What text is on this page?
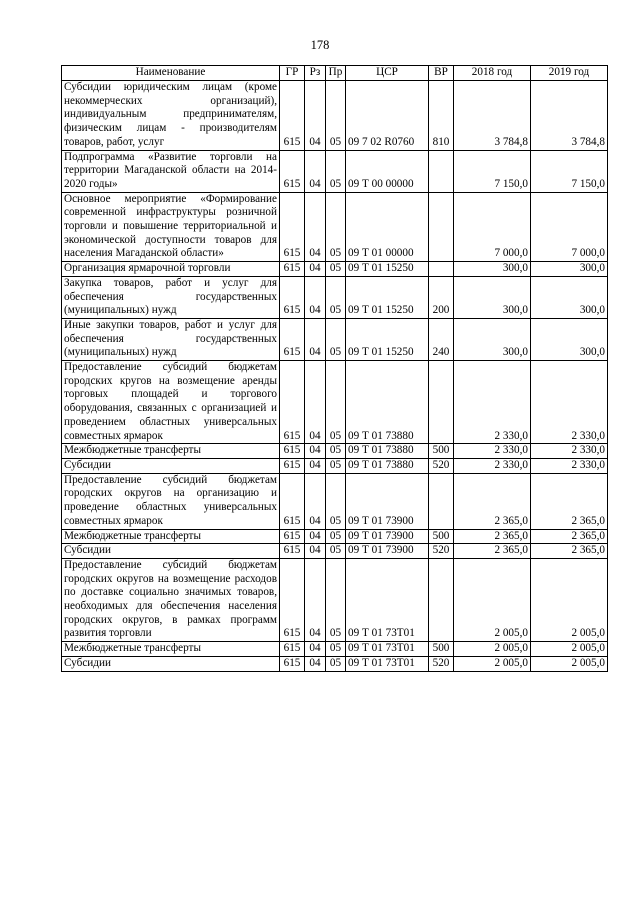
178
Наименование	ГР	Рз	Пр	ЦСР	ВР	2018 год	2019 год
Субсидии юридическим лицам (кроме некоммерческих организаций), индивидуальным предпринимателям, физическим лицам - производителям товаров, работ, услуг	615	04	05	09 7 02 R0760	810	3 784,8	3 784,8
Подпрограмма «Развитие торговли на территории Магаданской области на 2014-2020 годы»	615	04	05	09 Т 00 00000		7 150,0	7 150,0
Основное мероприятие «Формирование современной инфраструктуры розничной торговли и повышение территориальной и экономической доступности товаров для населения Магаданской области»	615	04	05	09 Т 01 00000		7 000,0	7 000,0
Организация ярмарочной торговли	615	04	05	09 Т 01 15250		300,0	300,0
Закупка товаров, работ и услуг для обеспечения государственных (муниципальных) нужд	615	04	05	09 Т 01 15250	200	300,0	300,0
Иные закупки товаров, работ и услуг для обеспечения государственных (муниципальных) нужд	615	04	05	09 Т 01 15250	240	300,0	300,0
Предоставление субсидий бюджетам городских кругов на возмещение аренды торговых площадей и торгового оборудования, связанных с организацией и проведением областных универсальных совместных ярмарок	615	04	05	09 Т 01 73880		2 330,0	2 330,0
Межбюджетные трансферты	615	04	05	09 Т 01 73880	500	2 330,0	2 330,0
Субсидии	615	04	05	09 Т 01 73880	520	2 330,0	2 330,0
Предоставление субсидий бюджетам городских округов на организацию и проведение областных универсальных совместных ярмарок	615	04	05	09 Т 01 73900		2 365,0	2 365,0
Межбюджетные трансферты	615	04	05	09 Т 01 73900	500	2 365,0	2 365,0
Субсидии	615	04	05	09 Т 01 73900	520	2 365,0	2 365,0
Предоставление субсидий бюджетам городских округов на возмещение расходов по доставке социально значимых товаров, необходимых для обеспечения населения городских округов, в рамках программ развития торговли	615	04	05	09 Т 01 73Т01		2 005,0	2 005,0
Межбюджетные трансферты	615	04	05	09 Т 01 73Т01	500	2 005,0	2 005,0
Субсидии	615	04	05	09 Т 01 73Т01	520	2 005,0	2 005,0
